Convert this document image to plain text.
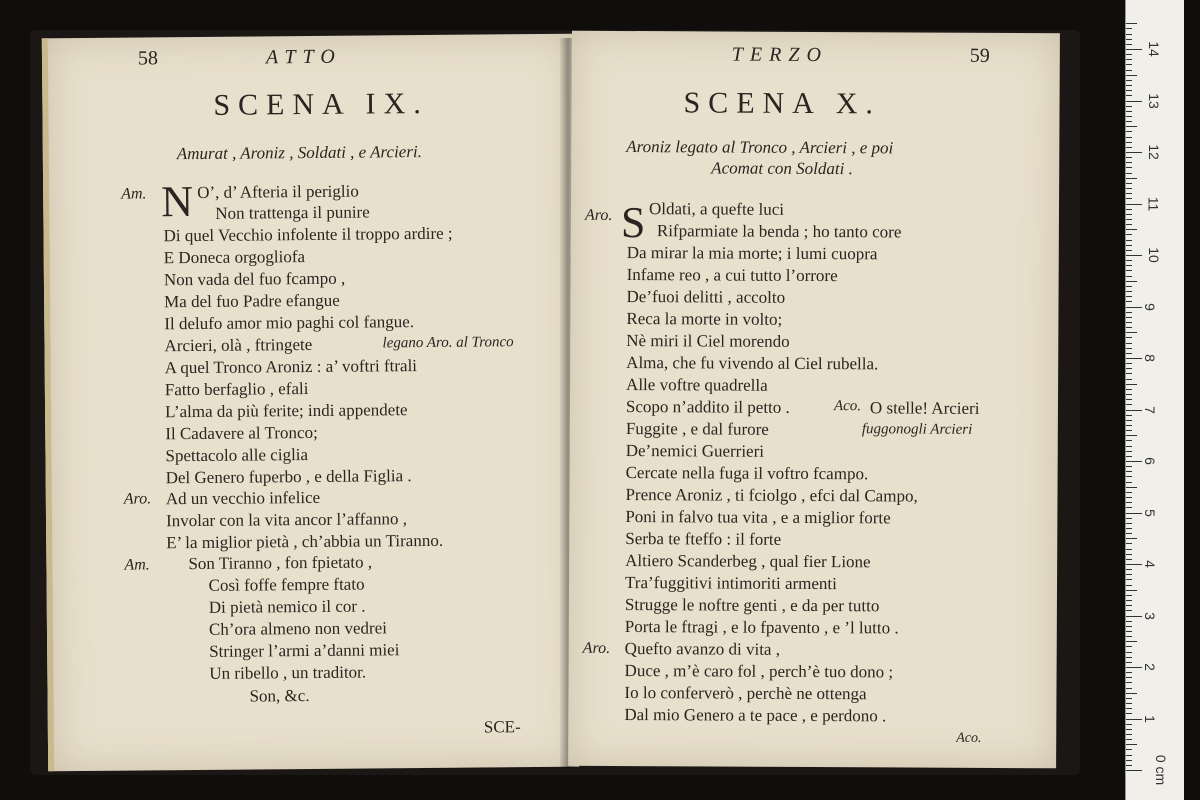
58	ATTO
SCENA IX.
Amurat , Aroniz , Soldati , e Arcieri.
Am. N O’, d’ Afteria il periglio
Non trattenga il punire
Di quel Vecchio infolente il troppo ardire ;
E Doneca orgogliofa
Non vada del fuo fcampo ,
Ma del fuo Padre efangue
Il delufo amor mio paghi col fangue.
Arcieri, olà , ftringete	legano Aro. al Tronco
A quel Tronco Aroniz : a’ voftri ftrali
Fatto berfaglio , efali
L’alma da più ferite; indi appendete
Il Cadavere al Tronco;
Spettacolo alle ciglia
Del Genero fuperbo , e della Figlia .
Aro. Ad un vecchio infelice
Involar con la vita ancor l’affanno ,
E’ la miglior pietà , ch’abbia un Tiranno.
Am. Son Tiranno , fon fpietato ,
Così foffe fempre ftato
Di pietà nemico il cor .
Ch’ora almeno non vedrei
Stringer l’armi a’danni miei
Un ribello , un traditor.
Son, &c.
SCE-
TERZO	59
SCENA X.
Aroniz legato al Tronco , Arcieri , e poi
Acomat con Soldati .
Aro. S Oldati, a quefte luci
Rifparmiate la benda ; ho tanto core
Da mirar la mia morte; i lumi cuopra
Infame reo , a cui tutto l’orrore
De’fuoi delitti , accolto
Reca la morte in volto;
Nè miri il Ciel morendo
Alma, che fu vivendo al Ciel rubella.
Alle voftre quadrella
Scopo n’addito il petto .	Aco. O stelle! Arcieri
Fuggite , e dal furore	fuggonogli Arcieri
De’nemici Guerrieri
Cercate nella fuga il voftro fcampo.
Prence Aroniz , ti fciolgo , efci dal Campo,
Poni in falvo tua vita , e a miglior forte
Serba te fteffo : il forte
Altiero Scanderbeg , qual fier Lione
Tra’fuggitivi intimoriti armenti
Strugge le noftre genti , e da per tutto
Porta le ftragi , e lo fpavento , e ’l lutto .
Aro. Quefto avanzo di vita ,
Duce , m’è caro fol , perch’è tuo dono ;
Io lo conferverò , perchè ne ottenga
Dal mio Genero a te pace , e perdono .
Aco.
0 cm
1
2
3
4
5
6
7
8
9
10
11
12
13
14
